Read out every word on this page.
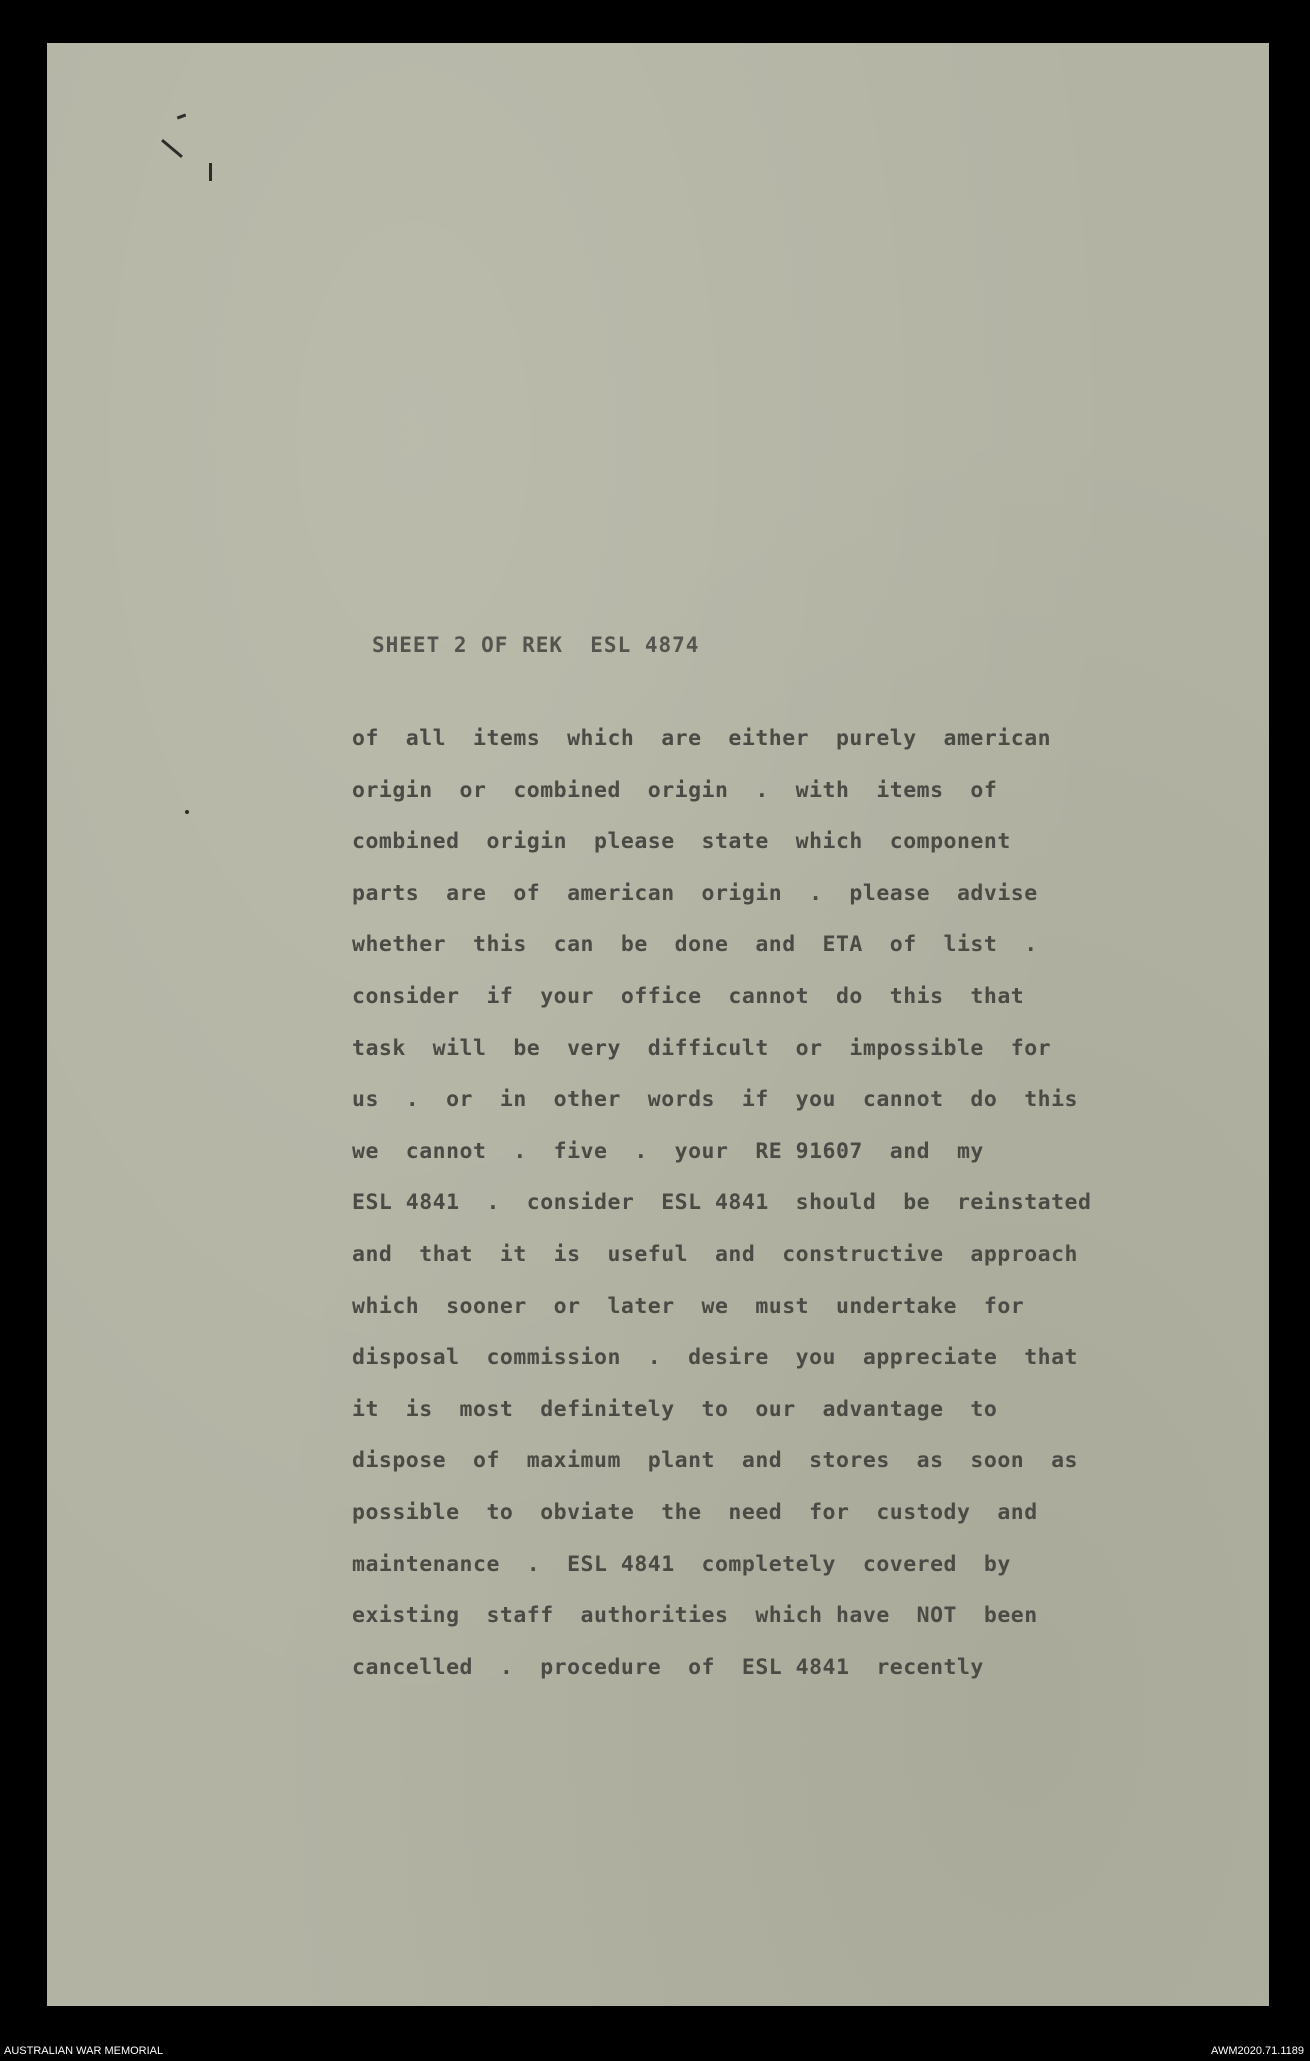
SHEET 2 OF REK  ESL 4874
of  all  items  which  are  either  purely  american
origin  or  combined  origin  .  with  items  of
combined  origin  please  state  which  component
parts  are  of  american  origin  .  please  advise
whether  this  can  be  done  and  ETA  of  list  .
consider  if  your  office  cannot  do  this  that
task  will  be  very  difficult  or  impossible  for
us  .  or  in  other  words  if  you  cannot  do  this
we  cannot  .  five  .  your  RE 91607  and  my
ESL 4841  .  consider  ESL 4841  should  be  reinstated
and  that  it  is  useful  and  constructive  approach
which  sooner  or  later  we  must  undertake  for
disposal  commission  .  desire  you  appreciate  that
it  is  most  definitely  to  our  advantage  to
dispose  of  maximum  plant  and  stores  as  soon  as
possible  to  obviate  the  need  for  custody  and
maintenance  .  ESL 4841  completely  covered  by
existing  staff  authorities  which have  NOT  been
cancelled  .  procedure  of  ESL 4841  recently
AUSTRALIAN WAR MEMORIAL	AWM2020.71.1189
